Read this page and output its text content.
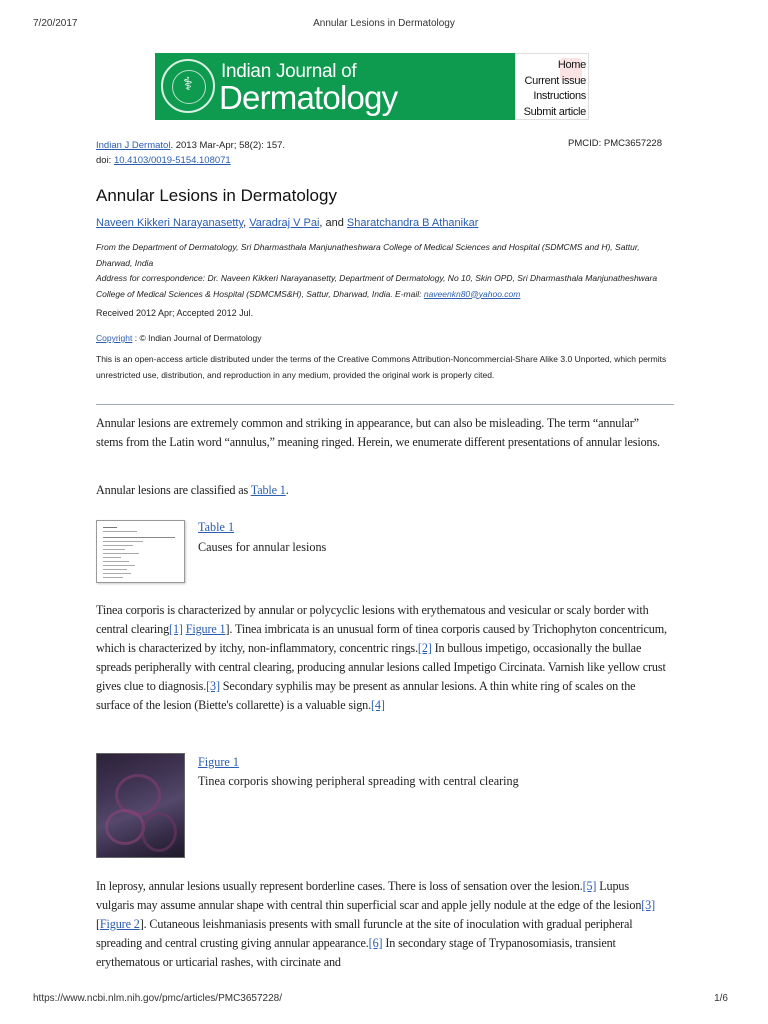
7/20/2017	Annular Lesions in Dermatology
⚕
Indian Journal of
Dermatology
Home
Current issue
Instructions
Submit article
Indian J Dermatol. 2013 Mar-Apr; 58(2): 157.
doi: 10.4103/0019-5154.108071
PMCID: PMC3657228
Annular Lesions in Dermatology
Naveen Kikkeri Narayanasetty, Varadraj V Pai, and Sharatchandra B Athanikar
From the Department of Dermatology, Sri Dharmasthala Manjunatheshwara College of Medical Sciences and Hospital (SDMCMS and H), Sattur, Dharwad, India
Address for correspondence: Dr. Naveen Kikkeri Narayanasetty, Department of Dermatology, No 10, Skin OPD, Sri Dharmasthala Manjunatheshwara College of Medical Sciences & Hospital (SDMCMS&H), Sattur, Dharwad, India. E-mail: naveenkn80@yahoo.com
Received 2012 Apr; Accepted 2012 Jul.
Copyright : © Indian Journal of Dermatology
This is an open-access article distributed under the terms of the Creative Commons Attribution-Noncommercial-Share Alike 3.0 Unported, which permits unrestricted use, distribution, and reproduction in any medium, provided the original work is properly cited.
Annular lesions are extremely common and striking in appearance, but can also be misleading. The term “annular” stems from the Latin word “annulus,” meaning ringed. Herein, we enumerate different presentations of annular lesions.
Annular lesions are classified as Table 1.
Table 1
Causes for annular lesions
Tinea corporis is characterized by annular or polycyclic lesions with erythematous and vesicular or scaly border with central clearing[1] Figure 1]. Tinea imbricata is an unusual form of tinea corporis caused by Trichophyton concentricum, which is characterized by itchy, non-inflammatory, concentric rings.[2] In bullous impetigo, occasionally the bullae spreads peripherally with central clearing, producing annular lesions called Impetigo Circinata. Varnish like yellow crust gives clue to diagnosis.[3] Secondary syphilis may be present as annular lesions. A thin white ring of scales on the surface of the lesion (Biette's collarette) is a valuable sign.[4]
Figure 1
Tinea corporis showing peripheral spreading with central clearing
In leprosy, annular lesions usually represent borderline cases. There is loss of sensation over the lesion.[5] Lupus vulgaris may assume annular shape with central thin superficial scar and apple jelly nodule at the edge of the lesion[3] [Figure 2]. Cutaneous leishmaniasis presents with small furuncle at the site of inoculation with gradual peripheral spreading and central crusting giving annular appearance.[6] In secondary stage of Trypanosomiasis, transient erythematous or urticarial rashes, with circinate and
https://www.ncbi.nlm.nih.gov/pmc/articles/PMC3657228/	1/6
